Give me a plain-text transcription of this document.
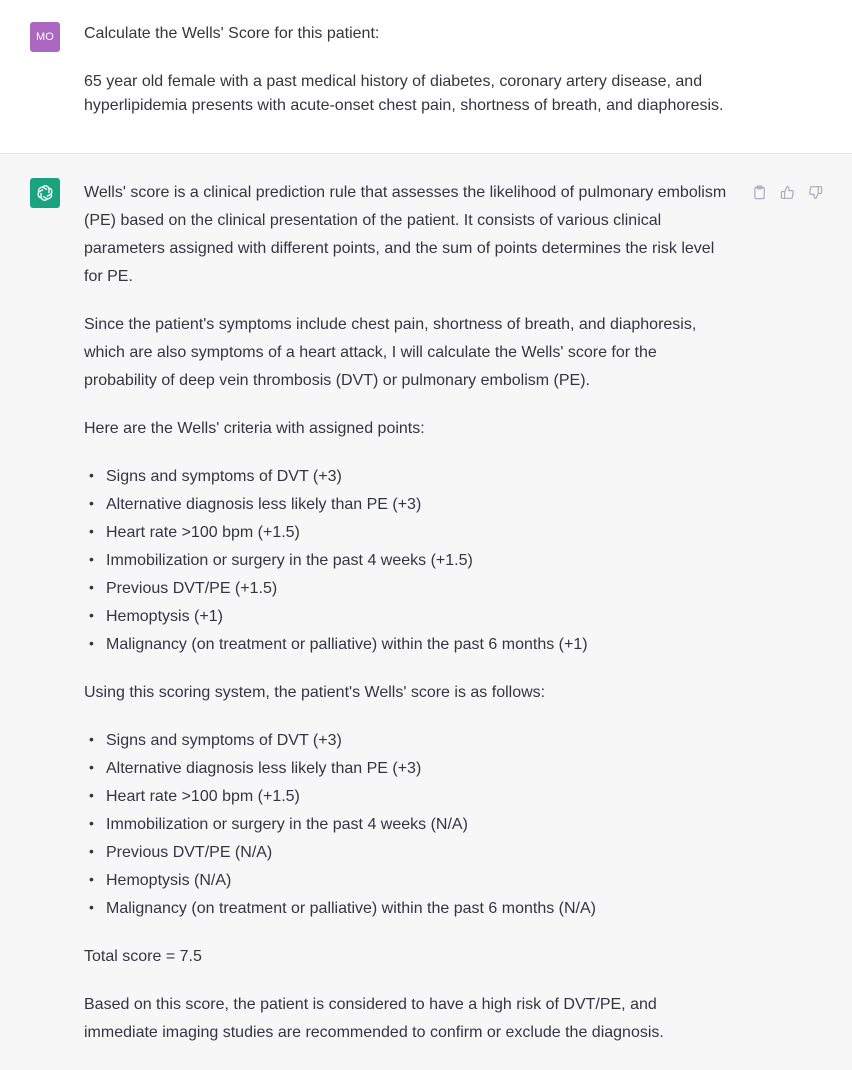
MO	Calculate the Wells' Score for this patient:

65 year old female with a past medical history of diabetes, coronary artery disease, and hyperlipidemia presents with acute-onset chest pain, shortness of breath, and diaphoresis.

Wells' score is a clinical prediction rule that assesses the likelihood of pulmonary embolism (PE) based on the clinical presentation of the patient. It consists of various clinical parameters assigned with different points, and the sum of points determines the risk level for PE.

Since the patient's symptoms include chest pain, shortness of breath, and diaphoresis, which are also symptoms of a heart attack, I will calculate the Wells' score for the probability of deep vein thrombosis (DVT) or pulmonary embolism (PE).

Here are the Wells' criteria with assigned points:

• Signs and symptoms of DVT (+3)
• Alternative diagnosis less likely than PE (+3)
• Heart rate >100 bpm (+1.5)
• Immobilization or surgery in the past 4 weeks (+1.5)
• Previous DVT/PE (+1.5)
• Hemoptysis (+1)
• Malignancy (on treatment or palliative) within the past 6 months (+1)

Using this scoring system, the patient's Wells' score is as follows:

• Signs and symptoms of DVT (+3)
• Alternative diagnosis less likely than PE (+3)
• Heart rate >100 bpm (+1.5)
• Immobilization or surgery in the past 4 weeks (N/A)
• Previous DVT/PE (N/A)
• Hemoptysis (N/A)
• Malignancy (on treatment or palliative) within the past 6 months (N/A)

Total score = 7.5

Based on this score, the patient is considered to have a high risk of DVT/PE, and immediate imaging studies are recommended to confirm or exclude the diagnosis.
